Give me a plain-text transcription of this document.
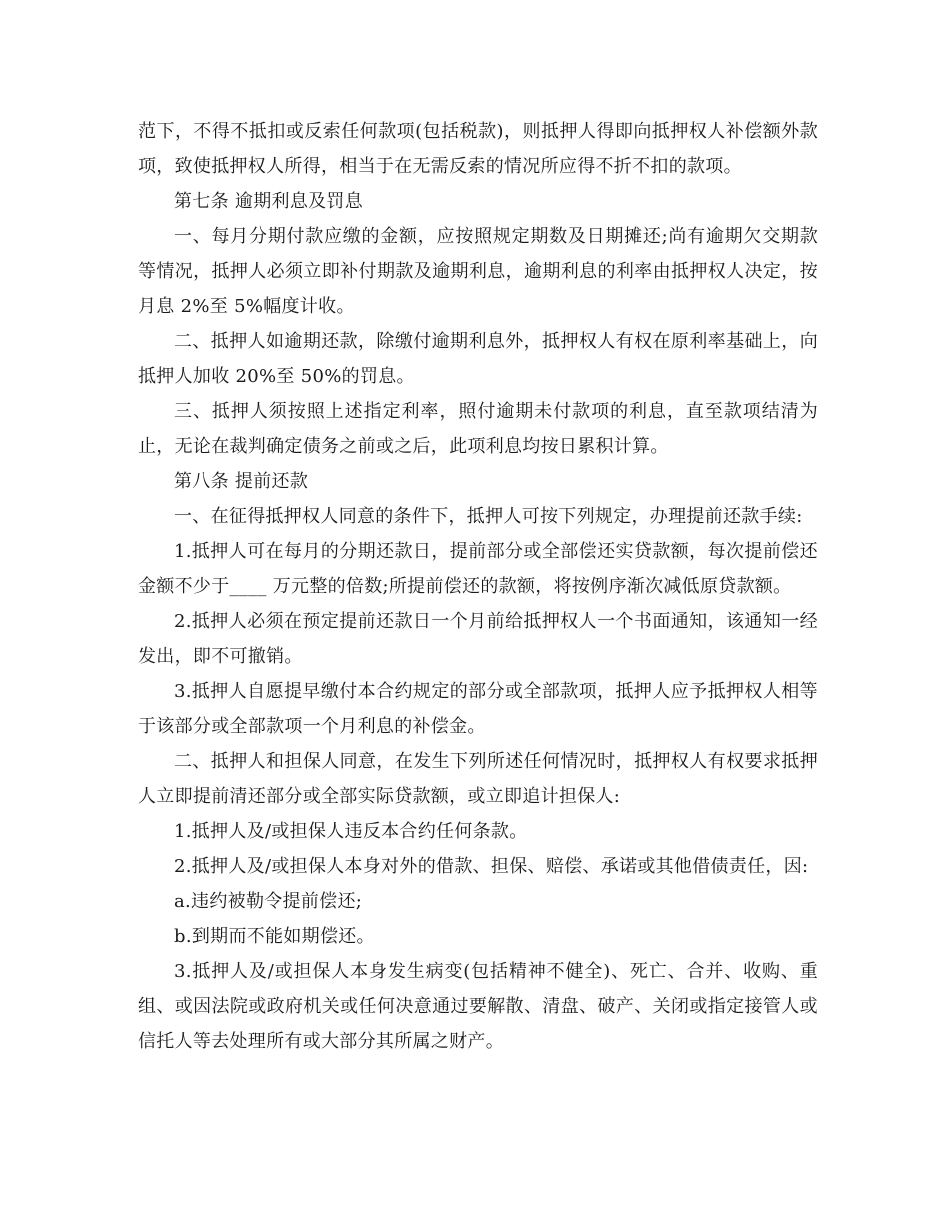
范下，不得不抵扣或反索任何款项(包括税款)，则抵押人得即向抵押权人补偿额外款项，致使抵押权人所得，相当于在无需反索的情况所应得不折不扣的款项。

第七条 逾期利息及罚息

一、每月分期付款应缴的金额，应按照规定期数及日期摊还;尚有逾期欠交期款等情况，抵押人必须立即补付期款及逾期利息，逾期利息的利率由抵押权人决定，按月息 2%至 5%幅度计收。

二、抵押人如逾期还款，除缴付逾期利息外，抵押权人有权在原利率基础上，向抵押人加收 20%至 50%的罚息。

三、抵押人须按照上述指定利率，照付逾期未付款项的利息，直至款项结清为止，无论在裁判确定债务之前或之后，此项利息均按日累积计算。

第八条 提前还款

一、在征得抵押权人同意的条件下，抵押人可按下列规定，办理提前还款手续:

1.抵押人可在每月的分期还款日，提前部分或全部偿还实贷款额，每次提前偿还金额不少于____ 万元整的倍数;所提前偿还的款额，将按例序渐次减低原贷款额。

2.抵押人必须在预定提前还款日一个月前给抵押权人一个书面通知，该通知一经发出，即不可撤销。

3.抵押人自愿提早缴付本合约规定的部分或全部款项，抵押人应予抵押权人相等于该部分或全部款项一个月利息的补偿金。

二、抵押人和担保人同意，在发生下列所述任何情况时，抵押权人有权要求抵押人立即提前清还部分或全部实际贷款额，或立即追计担保人:

1.抵押人及/或担保人违反本合约任何条款。

2.抵押人及/或担保人本身对外的借款、担保、赔偿、承诺或其他借债责任，因:

a.违约被勒令提前偿还;

b.到期而不能如期偿还。

3.抵押人及/或担保人本身发生病变(包括精神不健全)、死亡、合并、收购、重组、或因法院或政府机关或任何决意通过要解散、清盘、破产、关闭或指定接管人或信托人等去处理所有或大部分其所属之财产。
